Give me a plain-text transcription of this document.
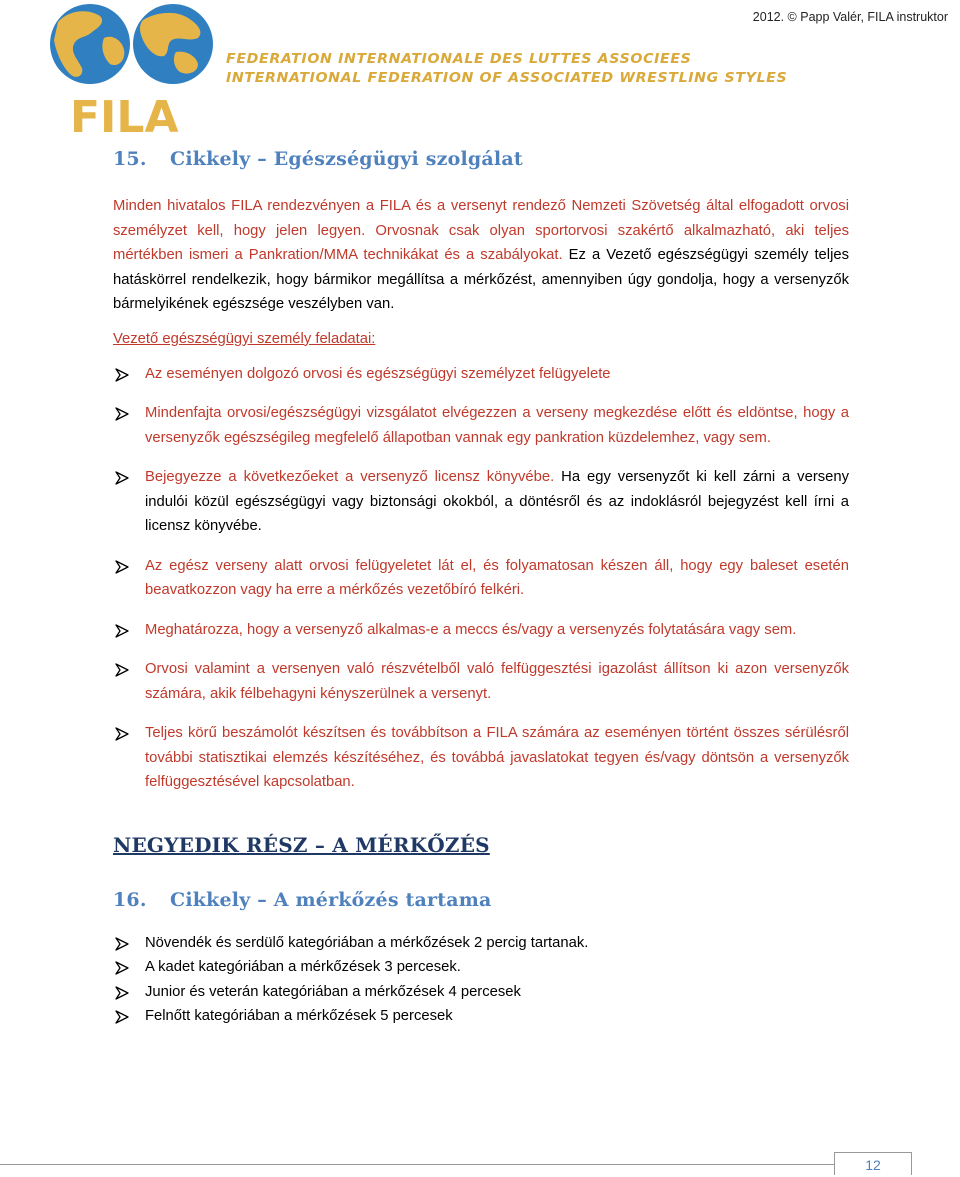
2012. © Papp Valér, FILA instruktor
FILA
FEDERATION INTERNATIONALE DES LUTTES ASSOCIEES
INTERNATIONAL FEDERATION OF ASSOCIATED WRESTLING STYLES
15. Cikkely – Egészségügyi szolgálat

Minden hivatalos FILA rendezvényen a FILA és a versenyt rendező Nemzeti Szövetség által elfogadott orvosi személyzet kell, hogy jelen legyen. Orvosnak csak olyan sportorvosi szakértő alkalmazható, aki teljes mértékben ismeri a Pankration/MMA technikákat és a szabályokat. Ez a Vezető egészségügyi személy teljes hatáskörrel rendelkezik, hogy bármikor megállítsa a mérkőzést, amennyiben úgy gondolja, hogy a versenyzők bármelyikének egészsége veszélyben van.

Vezető egészségügyi személy feladatai:
Az eseményen dolgozó orvosi és egészségügyi személyzet felügyelete
Mindenfajta orvosi/egészségügyi vizsgálatot elvégezzen a verseny megkezdése előtt és eldöntse, hogy a versenyzők egészségileg megfelelő állapotban vannak egy pankration küzdelemhez, vagy sem.
Bejegyezze a következőeket a versenyző licensz könyvébe. Ha egy versenyzőt ki kell zárni a verseny indulói közül egészségügyi vagy biztonsági okokból, a döntésről és az indoklásról bejegyzést kell írni a licensz könyvébe.
Az egész verseny alatt orvosi felügyeletet lát el, és folyamatosan készen áll, hogy egy baleset esetén beavatkozzon vagy ha erre a mérkőzés vezetőbíró felkéri.
Meghatározza, hogy a versenyző alkalmas-e a meccs és/vagy a versenyzés folytatására vagy sem.
Orvosi valamint a versenyen való részvételből való felfüggesztési igazolást állítson ki azon versenyzők számára, akik félbehagyni kényszerülnek a versenyt.
Teljes körű beszámolót készítsen és továbbítson a FILA számára az eseményen történt összes sérülésről további statisztikai elemzés készítéséhez, és továbbá javaslatokat tegyen és/vagy döntsön a versenyzők felfüggesztésével kapcsolatban.
NEGYEDIK RÉSZ – A MÉRKŐZÉS
16. Cikkely – A mérkőzés tartama
Növendék és serdülő kategóriában a mérkőzések 2 percig tartanak.
A kadet kategóriában a mérkőzések 3 percesek.
Junior és veterán kategóriában a mérkőzések 4 percesek
Felnőtt kategóriában a mérkőzések 5 percesek
12
